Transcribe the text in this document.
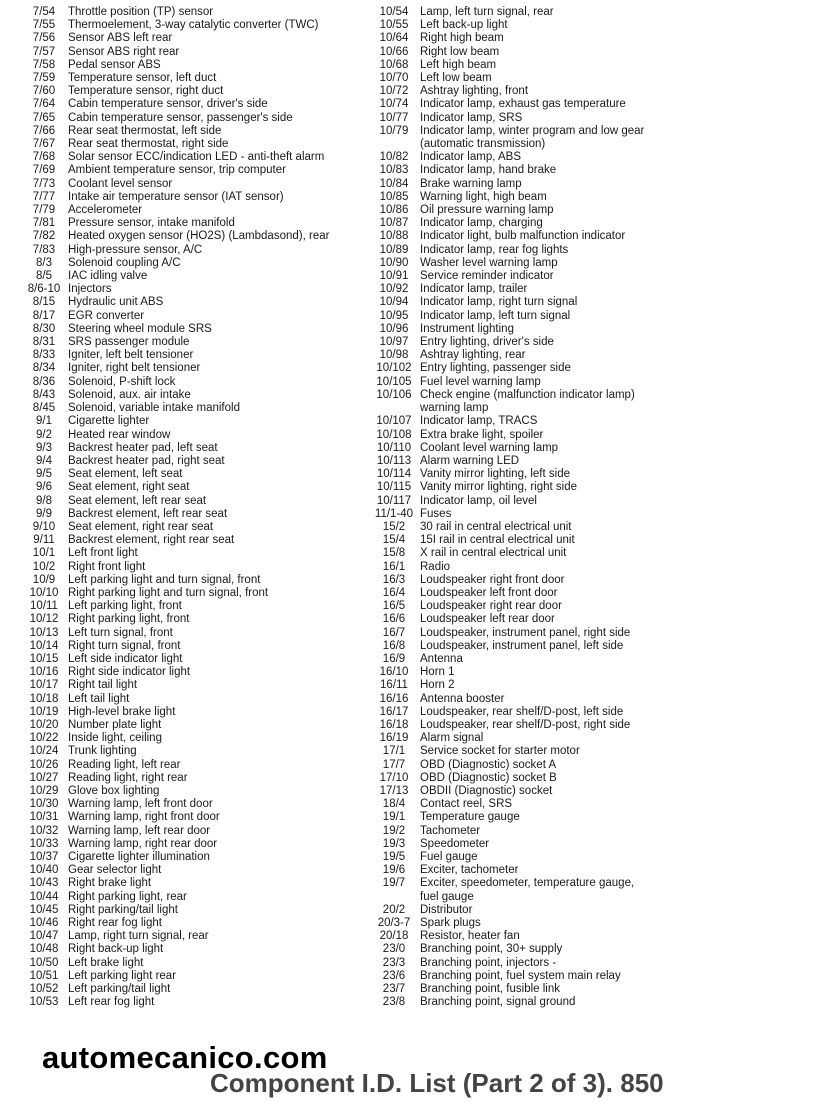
7/54	Throttle position (TP) sensor
7/55	Thermoelement, 3-way catalytic converter (TWC)
7/56	Sensor ABS left rear
7/57	Sensor ABS right rear
7/58	Pedal sensor ABS
7/59	Temperature sensor, left duct
7/60	Temperature sensor, right duct
7/64	Cabin temperature sensor, driver's side
7/65	Cabin temperature sensor, passenger's side
7/66	Rear seat thermostat, left side
7/67	Rear seat thermostat, right side
7/68	Solar sensor ECC/indication LED - anti-theft alarm
7/69	Ambient temperature sensor, trip computer
7/73	Coolant level sensor
7/77	Intake air temperature sensor (IAT sensor)
7/79	Accelerometer
7/81	Pressure sensor, intake manifold
7/82	Heated oxygen sensor (HO2S) (Lambdasond), rear
7/83	High-pressure sensor, A/C
8/3	Solenoid coupling A/C
8/5	IAC idling valve
8/6-10 Injectors
8/15	Hydraulic unit ABS
8/17	EGR converter
8/30	Steering wheel module SRS
8/31	SRS passenger module
8/33	Igniter, left belt tensioner
8/34	Igniter, right belt tensioner
8/36	Solenoid, P-shift lock
8/43	Solenoid, aux. air intake
8/45	Solenoid, variable intake manifold
9/1	Cigarette lighter
9/2	Heated rear window
9/3	Backrest heater pad, left seat
9/4	Backrest heater pad, right seat
9/5	Seat element, left seat
9/6	Seat element, right seat
9/8	Seat element, left rear seat
9/9	Backrest element, left rear seat
9/10	Seat element, right rear seat
9/11	Backrest element, right rear seat
10/1	Left front light
10/2	Right front light
10/9	Left parking light and turn signal, front
10/10 Right parking light and turn signal, front
10/11 Left parking light, front
10/12 Right parking light, front
10/13 Left turn signal, front
10/14 Right turn signal, front
10/15 Left side indicator light
10/16 Right side indicator light
10/17 Right tail light
10/18 Left tail light
10/19 High-level brake light
10/20 Number plate light
10/22 Inside light, ceiling
10/24 Trunk lighting
10/26 Reading light, left rear
10/27 Reading light, right rear
10/29 Glove box lighting
10/30 Warning lamp, left front door
10/31 Warning lamp, right front door
10/32 Warning lamp, left rear door
10/33 Warning lamp, right rear door
10/37 Cigarette lighter illumination
10/40 Gear selector light
10/43 Right brake light
10/44 Right parking light, rear
10/45 Right parking/tail light
10/46 Right rear fog light
10/47 Lamp, right turn signal, rear
10/48 Right back-up light
10/50 Left brake light
10/51 Left parking light rear
10/52 Left parking/tail light
10/53 Left rear fog light
10/54	Lamp, left turn signal, rear
10/55	Left back-up light
10/64	Right high beam
10/66	Right low beam
10/68	Left high beam
10/70	Left low beam
10/72	Ashtray lighting, front
10/74	Indicator lamp, exhaust gas temperature
10/77	Indicator lamp, SRS
10/79	Indicator lamp, winter program and low gear
(automatic transmission)
10/82	Indicator lamp, ABS
10/83	Indicator lamp, hand brake
10/84	Brake warning lamp
10/85	Warning light, high beam
10/86	Oil pressure warning lamp
10/87	Indicator lamp, charging
10/88	Indicator light, bulb malfunction indicator
10/89	Indicator lamp, rear fog lights
10/90	Washer level warning lamp
10/91	Service reminder indicator
10/92	Indicator lamp, trailer
10/94	Indicator lamp, right turn signal
10/95	Indicator lamp, left turn signal
10/96	Instrument lighting
10/97	Entry lighting, driver's side
10/98	Ashtray lighting, rear
10/102 Entry lighting, passenger side
10/105 Fuel level warning lamp
10/106 Check engine (malfunction indicator lamp)
warning lamp
10/107 Indicator lamp, TRACS
10/108 Extra brake light, spoiler
10/110 Coolant level warning lamp
10/113 Alarm warning LED
10/114 Vanity mirror lighting, left side
10/115 Vanity mirror lighting, right side
10/117 Indicator lamp, oil level
11/1-40 Fuses
15/2	30 rail in central electrical unit
15/4	15I rail in central electrical unit
15/8	X rail in central electrical unit
16/1	Radio
16/3	Loudspeaker right front door
16/4	Loudspeaker left front door
16/5	Loudspeaker right rear door
16/6	Loudspeaker left rear door
16/7	Loudspeaker, instrument panel, right side
16/8	Loudspeaker, instrument panel, left side
16/9	Antenna
16/10	Horn 1
16/11	Horn 2
16/16	Antenna booster
16/17	Loudspeaker, rear shelf/D-post, left side
16/18	Loudspeaker, rear shelf/D-post, right side
16/19	Alarm signal
17/1	Service socket for starter motor
17/7	OBD (Diagnostic) socket A
17/10	OBD (Diagnostic) socket B
17/13	OBDII (Diagnostic) socket
18/4	Contact reel, SRS
19/1	Temperature gauge
19/2	Tachometer
19/3	Speedometer
19/5	Fuel gauge
19/6	Exciter, tachometer
19/7	Exciter, speedometer, temperature gauge,
fuel gauge
20/2	Distributor
20/3-7 Spark plugs
20/18	Resistor, heater fan
23/0	Branching point, 30+ supply
23/3	Branching point, injectors -
23/6	Branching point, fuel system main relay
23/7	Branching point, fusible link
23/8	Branching point, signal ground
automecanico.com
Component I.D. List (Part 2 of 3). 850
